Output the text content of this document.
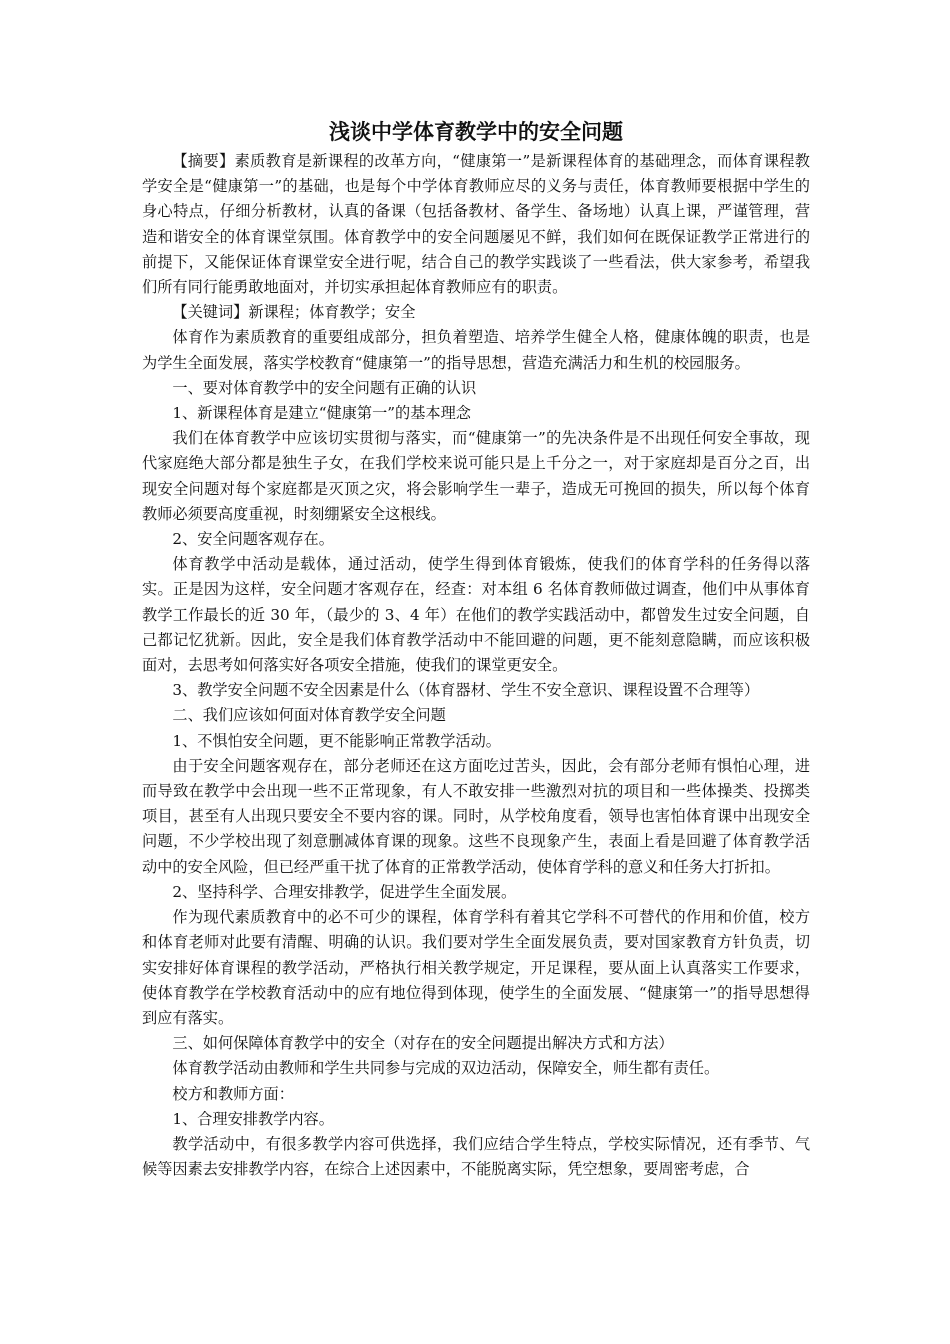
浅谈中学体育教学中的安全问题

【摘要】素质教育是新课程的改革方向，“健康第一”是新课程体育的基础理念，而体育课程教学安全是“健康第一”的基础，也是每个中学体育教师应尽的义务与责任，体育教师要根据中学生的身心特点，仔细分析教材，认真的备课（包括备教材、备学生、备场地）认真上课，严谨管理，营造和谐安全的体育课堂氛围。体育教学中的安全问题屡见不鲜，我们如何在既保证教学正常进行的前提下，又能保证体育课堂安全进行呢，结合自己的教学实践谈了一些看法，供大家参考，希望我们所有同行能勇敢地面对，并切实承担起体育教师应有的职责。

【关键词】新课程；体育教学；安全

体育作为素质教育的重要组成部分，担负着塑造、培养学生健全人格，健康体魄的职责，也是为学生全面发展，落实学校教育“健康第一”的指导思想，营造充满活力和生机的校园服务。

一、要对体育教学中的安全问题有正确的认识

1、新课程体育是建立“健康第一”的基本理念

我们在体育教学中应该切实贯彻与落实，而“健康第一”的先决条件是不出现任何安全事故，现代家庭绝大部分都是独生子女，在我们学校来说可能只是上千分之一，对于家庭却是百分之百，出现安全问题对每个家庭都是灭顶之灾，将会影响学生一辈子，造成无可挽回的损失，所以每个体育教师必须要高度重视，时刻绷紧安全这根线。

2、安全问题客观存在。

体育教学中活动是载体，通过活动，使学生得到体育锻炼，使我们的体育学科的任务得以落实。正是因为这样，安全问题才客观存在，经查：对本组 6 名体育教师做过调查，他们中从事体育教学工作最长的近 30 年，（最少的 3、4 年）在他们的教学实践活动中，都曾发生过安全问题，自己都记忆犹新。因此，安全是我们体育教学活动中不能回避的问题，更不能刻意隐瞒，而应该积极面对，去思考如何落实好各项安全措施，使我们的课堂更安全。

3、教学安全问题不安全因素是什么（体育器材、学生不安全意识、课程设置不合理等）

二、我们应该如何面对体育教学安全问题

1、不惧怕安全问题，更不能影响正常教学活动。

由于安全问题客观存在，部分老师还在这方面吃过苦头，因此，会有部分老师有惧怕心理，进而导致在教学中会出现一些不正常现象，有人不敢安排一些激烈对抗的项目和一些体操类、投掷类项目，甚至有人出现只要安全不要内容的课。同时，从学校角度看，领导也害怕体育课中出现安全问题，不少学校出现了刻意删减体育课的现象。这些不良现象产生，表面上看是回避了体育教学活动中的安全风险，但已经严重干扰了体育的正常教学活动，使体育学科的意义和任务大打折扣。

2、坚持科学、合理安排教学，促进学生全面发展。

作为现代素质教育中的必不可少的课程，体育学科有着其它学科不可替代的作用和价值，校方和体育老师对此要有清醒、明确的认识。我们要对学生全面发展负责，要对国家教育方针负责，切实安排好体育课程的教学活动，严格执行相关教学规定，开足课程，要从面上认真落实工作要求，使体育教学在学校教育活动中的应有地位得到体现，使学生的全面发展、“健康第一”的指导思想得到应有落实。

三、如何保障体育教学中的安全（对存在的安全问题提出解决方式和方法）

体育教学活动由教师和学生共同参与完成的双边活动，保障安全，师生都有责任。

校方和教师方面：

1、合理安排教学内容。

教学活动中，有很多教学内容可供选择，我们应结合学生特点，学校实际情况，还有季节、气候等因素去安排教学内容，在综合上述因素中，不能脱离实际，凭空想象，要周密考虑，合
